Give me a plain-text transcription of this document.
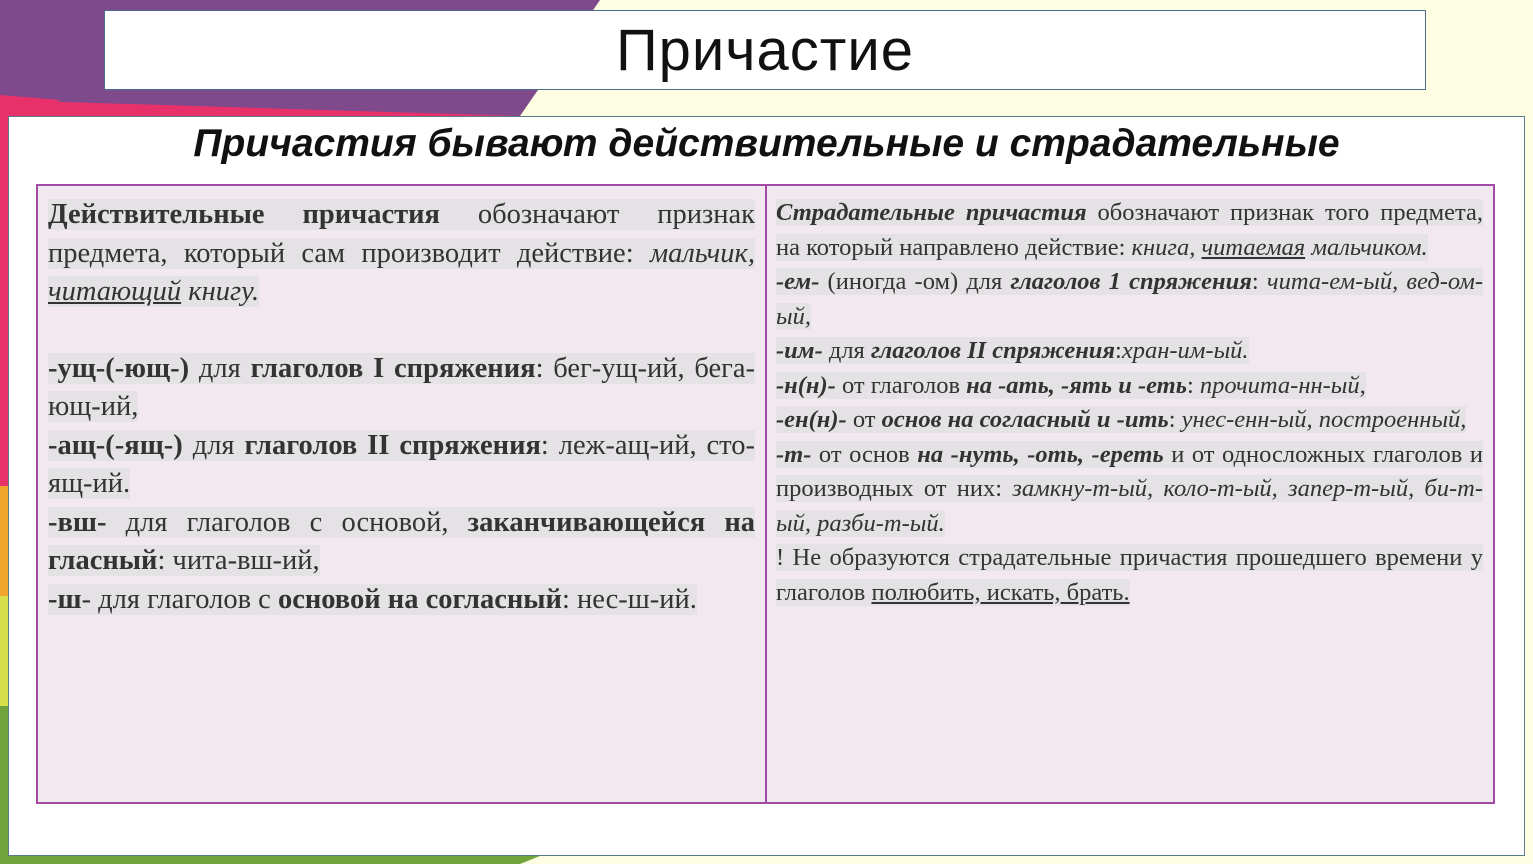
Причастие
Причастия бывают действительные и страдательные

Действительные причастия обозначают признак предмета, который сам производит действие: мальчик, читающий книгу.

-ущ-(-ющ-) для глаголов I спряжения: бег-ущ-ий, бега-ющ-ий,

-ащ-(-ящ-) для глаголов II спряжения: леж-ащ-ий, сто-ящ-ий.

-вш- для глаголов с основой, заканчивающейся на гласный: чита-вш-ий,

-ш- для глаголов с основой на согласный: нес-ш-ий.

Страдательные причастия обозначают признак того предмета, на который направлено действие: книга, читаемая мальчиком.

-ем- (иногда -ом) для глаголов 1 спряжения: чита-ем-ый, вед-ом-ый,

-им- для глаголов II спряжения:хран-им-ый.

-н(н)- от глаголов на -ать, -ять и -еть: прочита-нн-ый,

-ен(н)- от основ на согласный и -ить: унес-енн-ый, построенный,

-т- от основ на -нуть, -оть, -ереть и от односложных глаголов и производных от них: замкну-т-ый, коло-т-ый, запер-т-ый, би-т-ый, разби-т-ый.

! Не образуются страдательные причастия прошедшего времени у глаголов полюбить, искать, брать.
